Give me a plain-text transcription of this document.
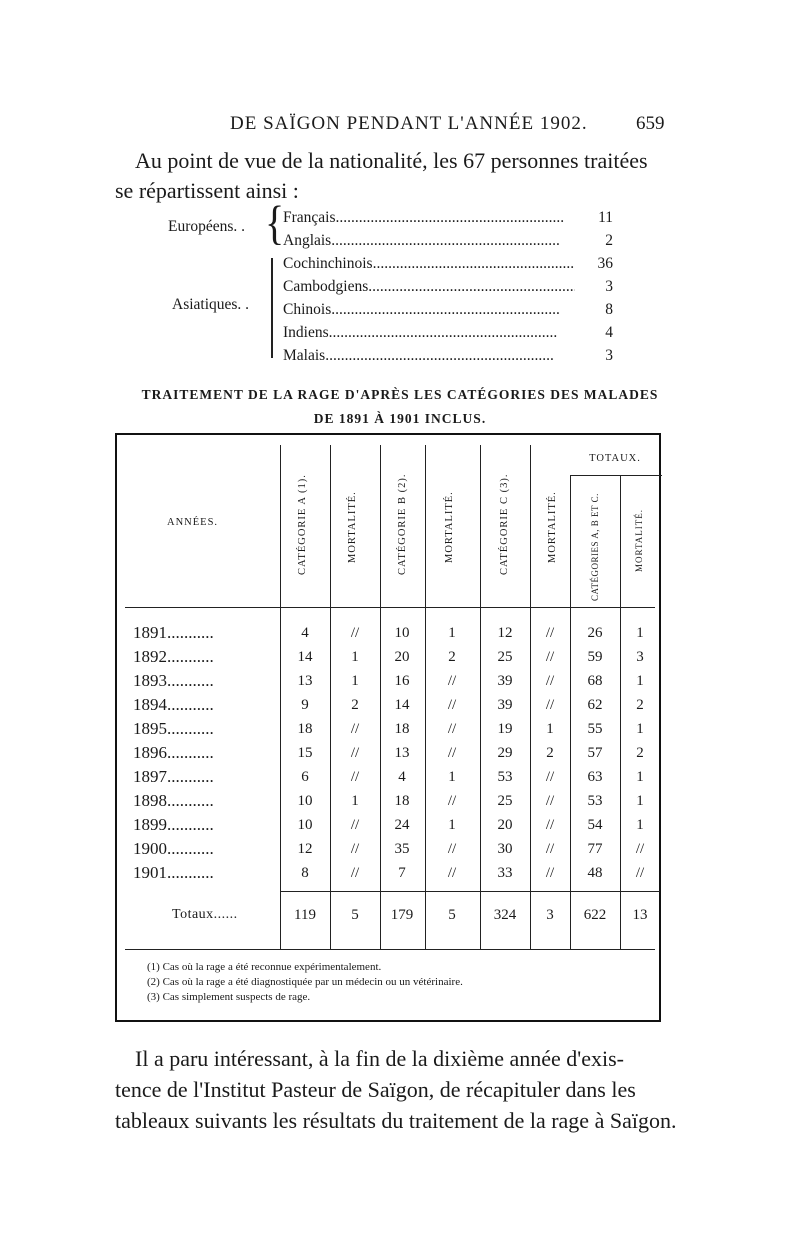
DE SAÏGON PENDANT L'ANNÉE 1902.	659
Au point de vue de la nationalité, les 67 personnes traitées
se répartissent ainsi :
Européens. . {
Asiatiques. .
Français .....	11
Anglais .....	2
Cochinchinois .....	36
Cambodgiens .....	3
Chinois .....	8
Indiens .....	4
Malais .....	3
TRAITEMENT DE LA RAGE D'APRÈS LES CATÉGORIES DES MALADES
DE 1891 À 1901 INCLUS.
ANNÉES.
TOTAUX.
CATÉGORIE A (1).	MORTALITÉ.	CATÉGORIE B (2).	MORTALITÉ.	CATÉGORIE C (3).	MORTALITÉ.	CATÉGORIES A, B ET C.	MORTALITÉ.
1891...........	4	//	10	1	12	//	26	1
1892...........	14	1	20	2	25	//	59	3
1893...........	13	1	16	//	39	//	68	1
1894...........	9	2	14	//	39	//	62	2
1895...........	18	//	18	//	19	1	55	1
1896...........	15	//	13	//	29	2	57	2
1897...........	6	//	4	1	53	//	63	1
1898...........	10	1	18	//	25	//	53	1
1899...........	10	//	24	1	20	//	54	1
1900...........	12	//	35	//	30	//	77	//
1901...........	8	//	7	//	33	//	48	//
Totaux......	119	5	179	5	324	3	622	13
(1) Cas où la rage a été reconnue expérimentalement.
(2) Cas où la rage a été diagnostiquée par un médecin ou un vétérinaire.
(3) Cas simplement suspects de rage.
Il a paru intéressant, à la fin de la dixième année d'exis-
tence de l'Institut Pasteur de Saïgon, de récapituler dans les
tableaux suivants les résultats du traitement de la rage à Saïgon.
